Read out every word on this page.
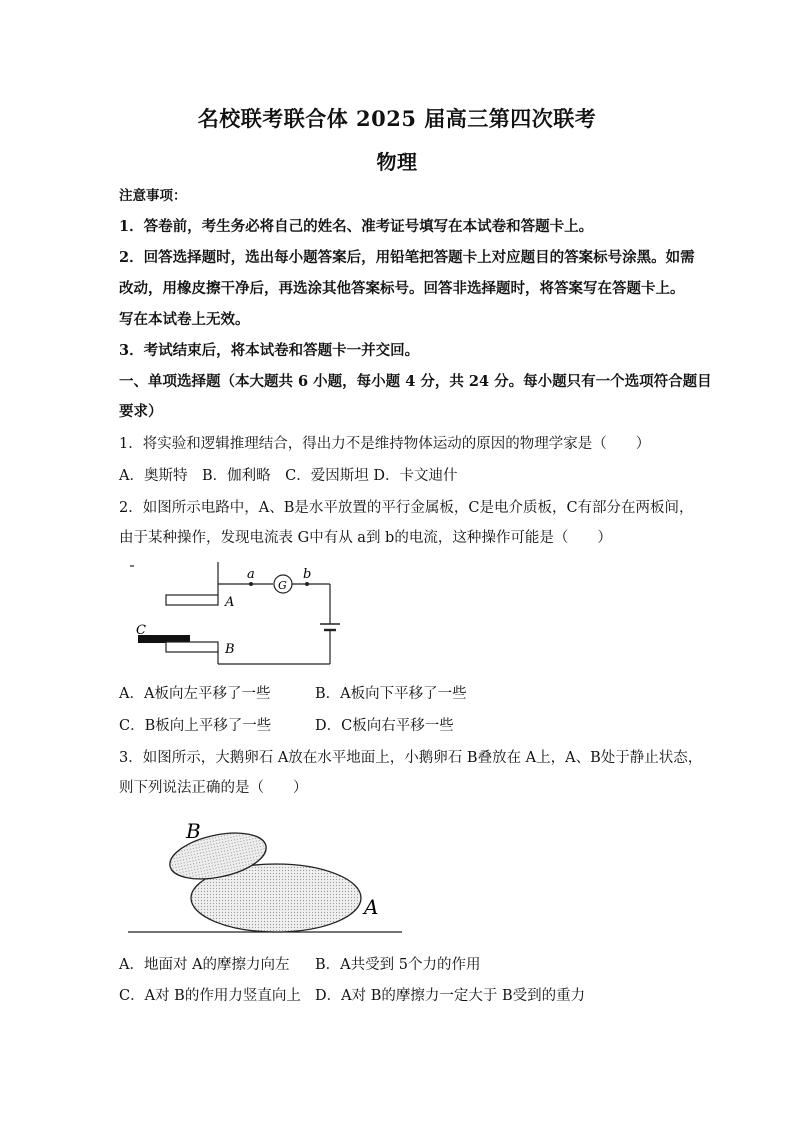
名校联考联合体 2025 届高三第四次联考
物理
注意事项：
1．答卷前，考生务必将自己的姓名、准考证号填写在本试卷和答题卡上。
2．回答选择题时，选出每小题答案后，用铅笔把答题卡上对应题目的答案标号涂黑。如需
改动，用橡皮擦干净后，再选涂其他答案标号。回答非选择题时，将答案写在答题卡上。
写在本试卷上无效。
3．考试结束后，将本试卷和答题卡一并交回。
一、单项选择题（本大题共 6 小题，每小题 4 分，共 24 分。每小题只有一个选项符合题目
要求）
1．将实验和逻辑推理结合，得出力不是维持物体运动的原因的物理学家是（　　）
A．奥斯特　B．伽利略　C．爱因斯坦 D．卡文迪什
2．如图所示电路中，A、B是水平放置的平行金属板，C是电介质板，C有部分在两板间，
由于某种操作，发现电流表 G中有从 a到 b的电流，这种操作可能是（　　）
a
G
b
A
C
B
A．A板向左平移了一些	B．A板向下平移了一些
C．B板向上平移了一些	D．C板向右平移一些
3．如图所示，大鹅卵石 A放在水平地面上，小鹅卵石 B叠放在 A上，A、B处于静止状态，
则下列说法正确的是（　　）
B
A
A．地面对 A的摩擦力向左 B．A共受到 5个力的作用
C．A对 B的作用力竖直向上 D．A对 B的摩擦力一定大于 B受到的重力
